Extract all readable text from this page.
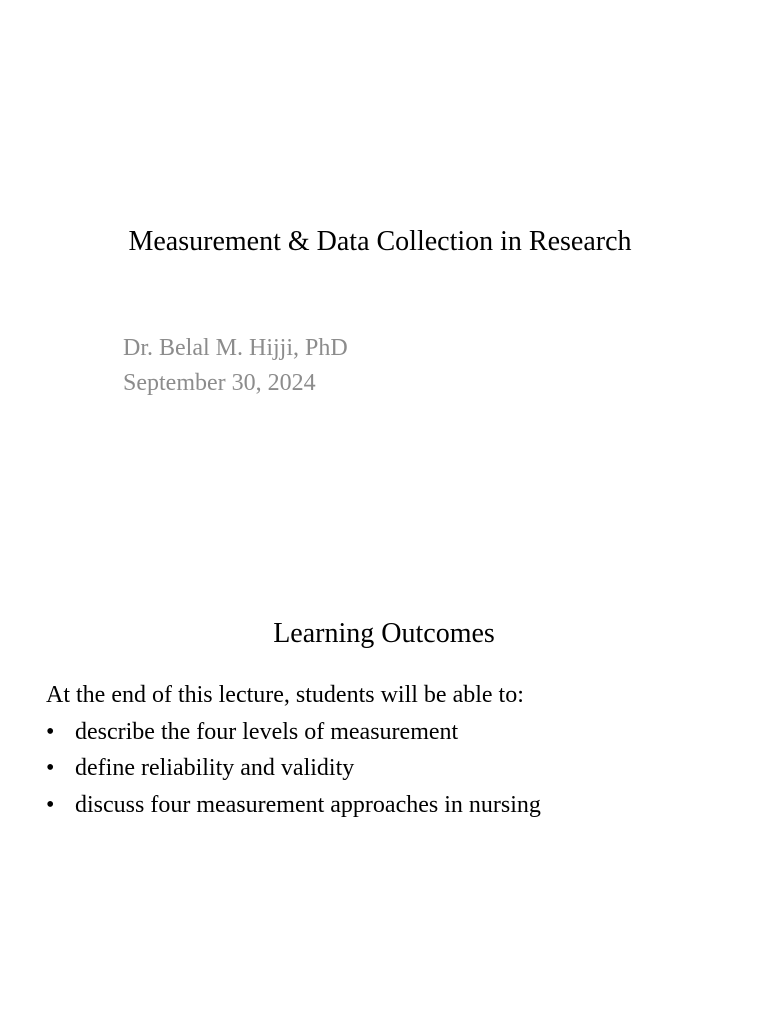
Measurement & Data Collection in Research
Dr. Belal M. Hijji, PhD
September 30, 2024
Learning Outcomes
At the end of this lecture, students will be able to:
• describe the four levels of measurement
• define reliability and validity
• discuss four measurement approaches in nursing
